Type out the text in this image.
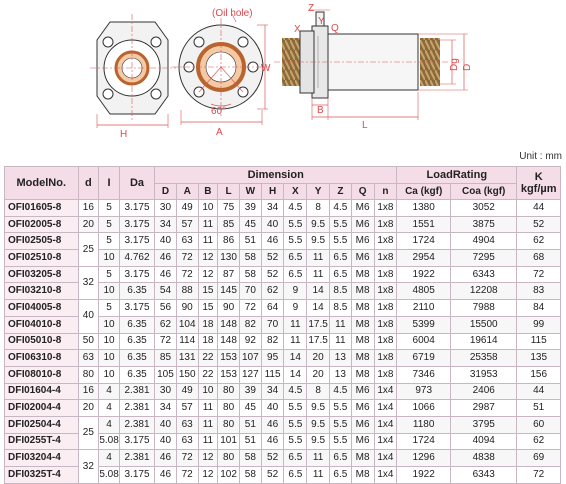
H
(Oil hole)
A
W
60°
Z
Y
X	Q
B
L
Dg D
Unit : mm
ModelNo.	d	I	Da	Dimension											LoadRating		K
kgf/µm
				D	A	B	L	W	H	X	Y	Z	Q	n	Ca (kgf)	Coa (kgf)	
OFI01605-8	16	5	3.175	30	49	10	75	39	34	4.5	8	4.5	M6	1x8	1380	3052	44
OFI02005-8	20	5	3.175	34	57	11	85	45	40	5.5	9.5	5.5	M6	1x8	1551	3875	52
OFI02505-8	25	5	3.175	40	63	11	86	51	46	5.5	9.5	5.5	M6	1x8	1724	4904	62
OFI02510-8		10	4.762	46	72	12	130	58	52	6.5	11	6.5	M6	1x8	2954	7295	68
OFI03205-8	32	5	3.175	46	72	12	87	58	52	6.5	11	6.5	M8	1x8	1922	6343	72
OFI03210-8		10	6.35	54	88	15	145	70	62	9	14	8.5	M8	1x8	4805	12208	83
OFI04005-8	40	5	3.175	56	90	15	90	72	64	9	14	8.5	M8	1x8	2110	7988	84
OFI04010-8		10	6.35	62	104	18	148	82	70	11	17.5	11	M8	1x8	5399	15500	99
OFI05010-8	50	10	6.35	72	114	18	148	92	82	11	17.5	11	M8	1x8	6004	19614	115
OFI06310-8	63	10	6.35	85	131	22	153	107	95	14	20	13	M8	1x8	6719	25358	135
OFI08010-8	80	10	6.35	105	150	22	153	127	115	14	20	13	M8	1x8	7346	31953	156
DFI01604-4	16	4	2.381	30	49	10	80	39	34	4.5	8	4.5	M6	1x4	973	2406	44
DFI02004-4	20	4	2.381	34	57	11	80	45	40	5.5	9.5	5.5	M6	1x4	1066	2987	51
DFI02504-4	25	4	2.381	40	63	11	80	51	46	5.5	9.5	5.5	M6	1x4	1180	3795	60
DFI0255T-4		5.08	3.175	40	63	11	101	51	46	5.5	9.5	5.5	M6	1x4	1724	4094	62
DFI03204-4	32	4	2.381	46	72	12	80	58	52	6.5	11	6.5	M8	1x4	1296	4838	69
DFI0325T-4		5.08	3.175	46	72	12	102	58	52	6.5	11	6.5	M8	1x4	1922	6343	72
